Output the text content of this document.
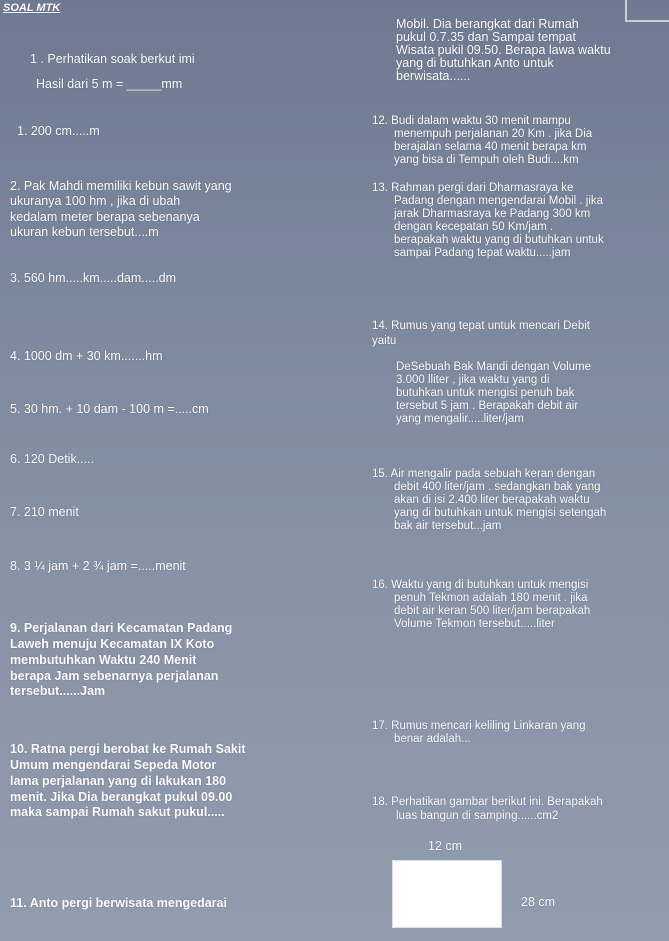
SOAL MTK
1 . Perhatikan soak berkut imi
Hasil dari 5 m = _____mm
1. 200 cm.....m
2. Pak Mahdi memiliki kebun sawit yang
ukuranya 100 hm , jika di ubah
kedalam meter berapa sebenanya
ukuran kebun tersebut....m
3. 560 hm.....km.....dam.....dm
4. 1000 dm + 30 km.......hm
5. 30 hm. + 10 dam - 100 m =.....cm
6. 120 Detik.....
7. 210 menit
8. 3 ¼ jam + 2 ¾ jam =.....menit
9. Perjalanan dari Kecamatan Padang
Laweh menuju Kecamatan IX Koto
membutuhkan Waktu 240 Menit
berapa Jam sebenarnya perjalanan
tersebut......Jam
10. Ratna pergi berobat ke Rumah Sakit
Umum mengendarai Sepeda Motor
lama perjalanan yang di lakukan 180
menit. Jika Dia berangkat pukul 09.00
maka sampai Rumah sakut pukul.....
11. Anto pergi berwisata mengedarai
Mobil. Dia berangkat dari Rumah
pukul 0.7.35 dan Sampai tempat
Wisata pukil 09.50. Berapa lawa waktu
yang di butuhkan Anto untuk
berwisata......
12. Budi dalam waktu 30 menit mampu
menempuh perjalanan 20 Km . jika Dia
berajalan selama 40 menit berapa km
yang bisa di Tempuh oleh Budi....km
13. Rahman pergi dari Dharmasraya ke
Padang dengan mengendarai Mobil . jika
jarak Dharmasraya ke Padang 300 km
dengan kecepatan 50 Km/jam .
berapakah waktu yang di butuhkan untuk
sampai Padang tepat waktu.....jam
14. Rumus yang tepat untuk mencari Debit
yaitu
DeSebuah Bak Mandi dengan Volume
3.000 lliter , jika waktu yang di
butuhkan untuk mengisi penuh bak
tersebut 5 jam . Berapakah debit air
yang mengalir.....liter/jam
15. Air mengalir pada sebuah keran dengan
debit 400 liter/jam . sedangkan bak yang
akan di isi 2.400 liter berapakah waktu
yang di butuhkan untuk mengisi setengah
bak air tersebut...jam
16. Waktu yang di butuhkan untuk mengisi
penuh Tekmon adalah 180 menit . jika
debit air keran 500 liter/jam berapakah
Volume Tekmon tersebut.....liter
17. Rumus mencari keliling Linkaran yang
benar adalah...
18. Perhatikan gambar berikut ini. Berapakah
luas bangun di samping......cm2
12 cm
28 cm
